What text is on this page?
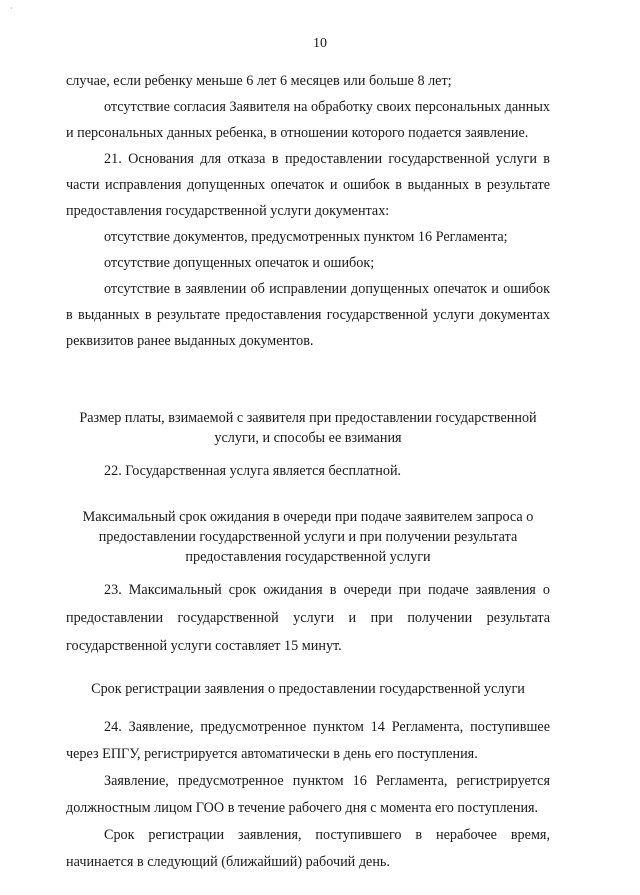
·
10

случае, если ребенку меньше 6 лет 6 месяцев или больше 8 лет;

отсутствие согласия Заявителя на обработку своих персональных данных и персональных данных ребенка, в отношении которого подается заявление.

21. Основания для отказа в предоставлении государственной услуги в части исправления допущенных опечаток и ошибок в выданных в результате предоставления государственной услуги документах:

отсутствие документов, предусмотренных пунктом 16 Регламента;

отсутствие допущенных опечаток и ошибок;

отсутствие в заявлении об исправлении допущенных опечаток и ошибок в выданных в результате предоставления государственной услуги документах реквизитов ранее выданных документов.

Размер платы, взимаемой с заявителя при предоставлении государственной услуги, и способы ее взимания

22. Государственная услуга является бесплатной.

Максимальный срок ожидания в очереди при подаче заявителем запроса о предоставлении государственной услуги и при получении результата предоставления государственной услуги

23. Максимальный срок ожидания в очереди при подаче заявления о предоставлении государственной услуги и при получении результата государственной услуги составляет 15 минут.

Срок регистрации заявления о предоставлении государственной услуги

24. Заявление, предусмотренное пунктом 14 Регламента, поступившее через ЕПГУ, регистрируется автоматически в день его поступления.

Заявление, предусмотренное пунктом 16 Регламента, регистрируется должностным лицом ГОО в течение рабочего дня с момента его поступления.

Срок регистрации заявления, поступившего в нерабочее время, начинается в следующий (ближайший) рабочий день.
